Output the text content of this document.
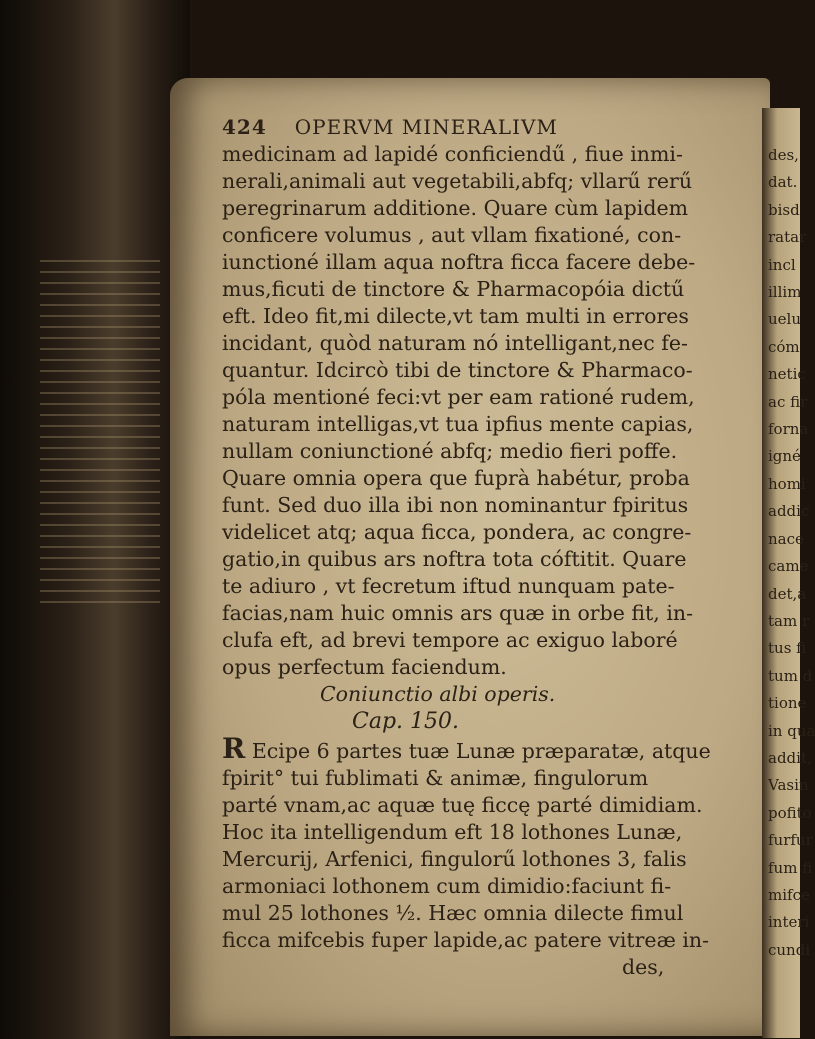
424 OPERVM MINERALIVM
medicinam ad lapidé conficiendű , fiue inmi-
nerali,animali aut vegetabili,abfq; vllarű rerű
peregrinarum additione. Quare cùm lapidem
conficere volumus , aut vllam fixationé, con-
iunctioné illam aqua noftra ficca facere debe-
mus,ficuti de tinctore & Pharmacopóia dictű
eft. Ideo fit,mi dilecte,vt tam multi in errores
incidant, quòd naturam nó intelligant,nec fe-
quantur. Idcircò tibi de tinctore & Pharmaco-
póla mentioné feci:vt per eam rationé rudem,
naturam intelligas,vt tua ipfius mente capias,
nullam coniunctioné abfq; medio fieri poffe.
Quare omnia opera que fuprà habétur, proba
funt. Sed duo illa ibi non nominantur fpiritus
videlicet atq; aqua ficca, pondera, ac congre-
gatio,in quibus ars noftra tota cóftitit. Quare
te adiuro , vt fecretum iftud nunquam pate-
facias,nam huic omnis ars quæ in orbe fit, in-
clufa eft, ad brevi tempore ac exiguo laboré
opus perfectum faciendum.
Coniunctio albi operis.
Cap. 150.
R Ecipe 6 partes tuæ Lunæ præparatæ, atque
fpirit° tui fublimati & animæ, fingulorum
parté vnam,ac aquæ tuę ficcę parté dimidiam.
Hoc ita intelligendum eft 18 lothones Lunæ,
Mercurij, Arfenici, fingulorű lothones 3, falis
armoniaci lothonem cum dimidio:faciunt fi-
mul 25 lothones ½. Hæc omnia dilecte fimul
ficca mifcebis fuper lapide,ac patere vitreæ in-
des,
des,
dat.
bisd
ratar
incl
illim
uelu
cóm
netic
ac fir
forna
igné
homi
addic
nace
came
det,a
tam r
tus fi
tum d
tione
in qua
addit,
Vasin
pofito
furfur
fum fi
mifce
interi
cundi
